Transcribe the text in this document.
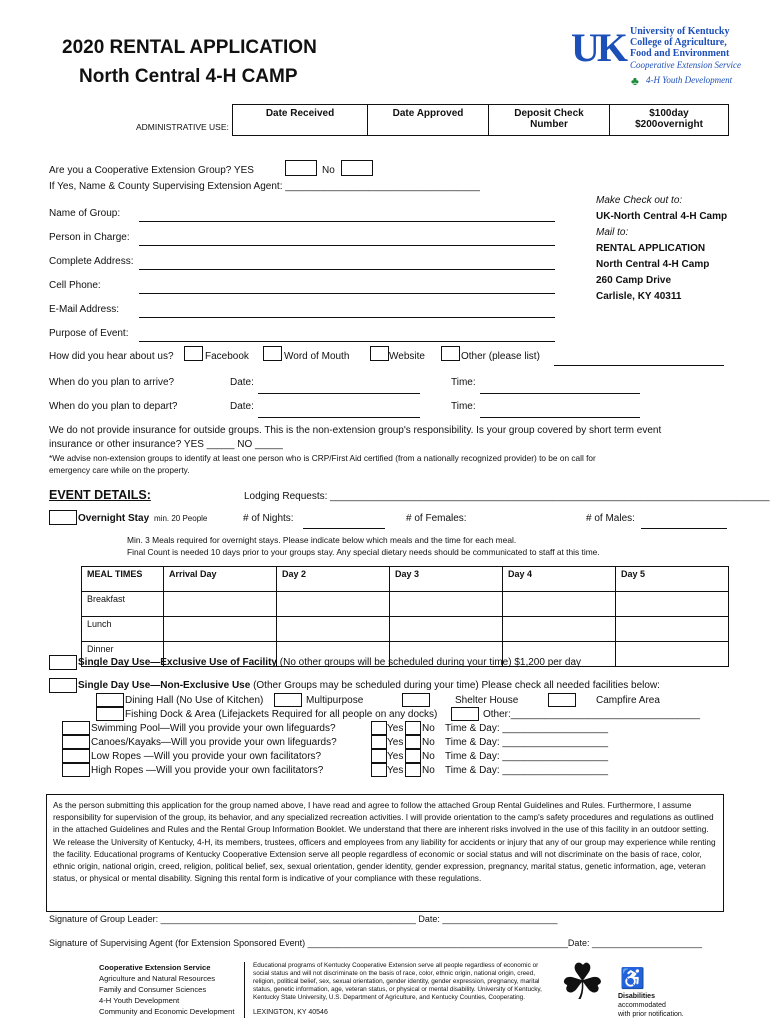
2020 RENTAL APPLICATION
North Central 4-H CAMP
UK University of Kentucky
College of Agriculture,
Food and Environment
Cooperative Extension Service
♣ 4-H Youth Development
ADMINISTRATIVE USE:
Date Received	Date Approved	Deposit Check Number	$100day $200overnight
Are you a Cooperative Extension Group? YES	No
If Yes, Name & County Supervising Extension Agent: ___________________________________
Name of Group:
Person in Charge:
Complete Address:
Cell Phone:
E-Mail Address:
Purpose of Event:
Make Check out to:
UK-North Central 4-H Camp
Mail to:
RENTAL APPLICATION
North Central 4-H Camp
260 Camp Drive
Carlisle, KY 40311
How did you hear about us?	Facebook	Word of Mouth	Website	Other (please list)
When do you plan to arrive?	Date:	Time:
When do you plan to depart?	Date:	Time:
We do not provide insurance for outside groups. This is the non-extension group's responsibility. Is your group covered by short term event
insurance or other insurance? YES _____ NO _____
*We advise non-extension groups to identify at least one person who is CRP/First Aid certified (from a nationally recognized provider) to be on call for
emergency care while on the property.
EVENT DETAILS:	Lodging Requests: _______________________________________________________________________________
Overnight Stay min. 20 People	# of Nights:	# of Females:	# of Males:
Min. 3 Meals required for overnight stays. Please indicate below which meals and the time for each meal.
Final Count is needed 10 days prior to your groups stay. Any special dietary needs should be communicated to staff at this time.
MEAL TIMES	Arrival Day	Day 2	Day 3	Day 4	Day 5
Breakfast					
Lunch					
Dinner					
Single Day Use—Exclusive Use of Facility (No other groups will be scheduled during your time) $1,200 per day
Single Day Use—Non-Exclusive Use (Other Groups may be scheduled during your time) Please check all needed facilities below:
Dining Hall (No Use of Kitchen)	Multipurpose	Shelter House	Campfire Area
Fishing Dock & Area (Lifejackets Required for all people on any docks)	Other:__________________________________
Swimming Pool—Will you provide your own lifeguards?	Yes No Time & Day: ___________________
Canoes/Kayaks—Will you provide your own lifeguards?	Yes No Time & Day: ___________________
Low Ropes —Will you provide your own facilitators?	Yes No Time & Day: ___________________
High Ropes —Will you provide your own facilitators?	Yes No Time & Day: ___________________
As the person submitting this application for the group named above, I have read and agree to follow the attached Group Rental Guidelines and Rules. Furthermore, I assume responsibility for supervision of the group, its behavior, and any specialized recreation activities. I will provide orientation to the camp's safety procedures and regulations as outlined in the attached Guidelines and Rules and the Rental Group Information Booklet. We understand that there are inherent risks involved in the use of this facility in an outdoor setting. We release the University of Kentucky, 4-H, its members, trustees, officers and employees from any liability for accidents or injury that any of our group may experience while renting the facility. Educational programs of Kentucky Cooperative Extension serve all people regardless of economic or social status and will not discriminate on the basis of race, color, ethnic origin, national origin, creed, religion, political belief, sex, sexual orientation, gender identity, gender expression, pregnancy, marital status, genetic information, age, veteran status, or physical or mental disability. Signing this rental form is indicative of your compliance with these regulations.
Signature of Group Leader: ___________________________________________________ Date: _______________________
Signature of Supervising Agent (for Extension Sponsored Event) ____________________________________________________Date: ______________________
Cooperative Extension Service
Agriculture and Natural Resources
Family and Consumer Sciences
4-H Youth Development
Community and Economic Development
Educational programs of Kentucky Cooperative Extension serve all people regardless of economic or social status and will not discriminate on the basis of race, color, ethnic origin, national origin, creed, religion, political belief, sex, sexual orientation, gender identity, gender expression, pregnancy, marital status, genetic information, age, veteran status, or physical or mental disability. University of Kentucky, Kentucky State University, U.S. Department of Agriculture, and Kentucky Counties, Cooperating.
LEXINGTON, KY 40546
☘ ♿
Disabilities
accommodated
with prior notification.
